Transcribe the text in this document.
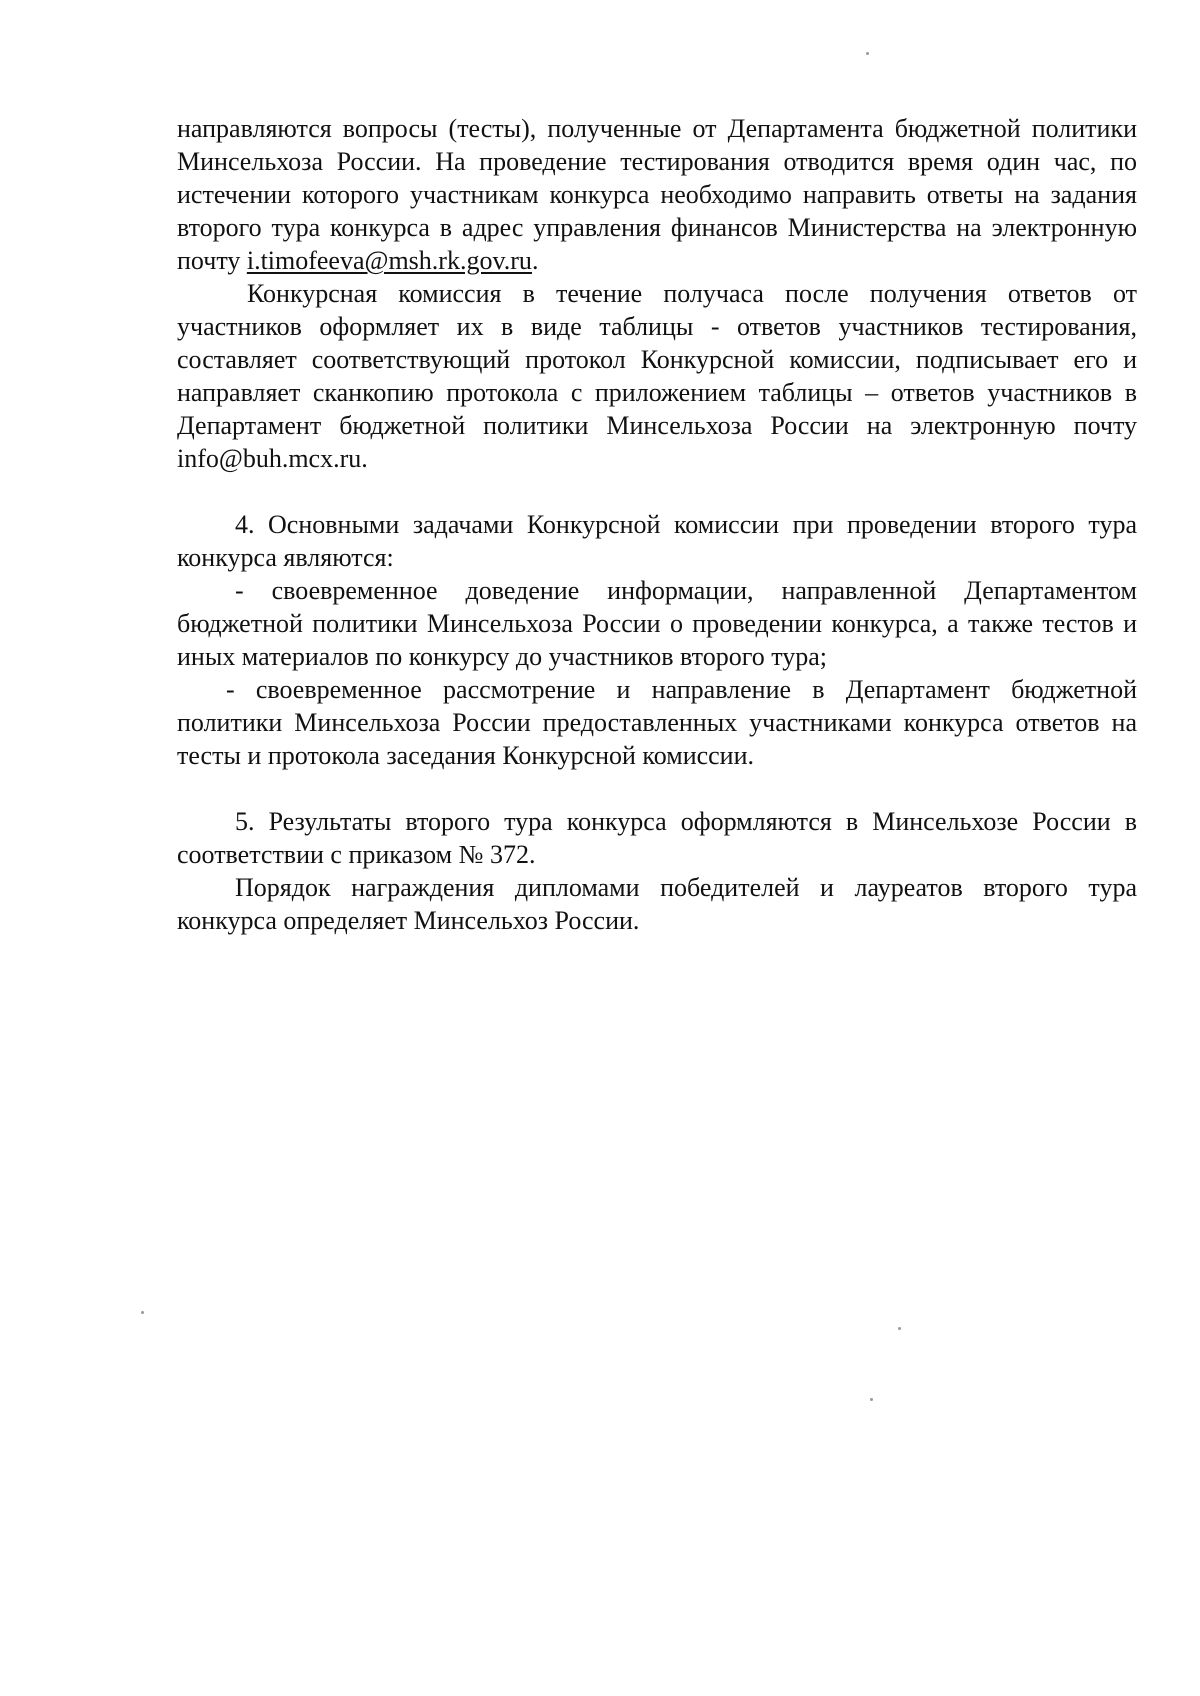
направляются вопросы (тесты), полученные от Департамента бюджетной политики Минсельхоза России. На проведение тестирования отводится время один час, по истечении которого участникам конкурса необходимо направить ответы на задания второго тура конкурса в адрес управления финансов Министерства на электронную почту i.timofeeva@msh.rk.gov.ru.

Конкурсная комиссия в течение получаса после получения ответов от участников оформляет их в виде таблицы - ответов участников тестирования, составляет соответствующий протокол Конкурсной комиссии, подписывает его и направляет сканкопию протокола с приложением таблицы – ответов участников в Департамент бюджетной политики Минсельхоза России на электронную почту info@buh.mcx.ru.

4. Основными задачами Конкурсной комиссии при проведении второго тура конкурса являются:

- своевременное доведение информации, направленной Департаментом бюджетной политики Минсельхоза России о проведении конкурса, а также тестов и иных материалов по конкурсу до участников второго тура;

- своевременное рассмотрение и направление в Департамент бюджетной политики Минсельхоза России предоставленных участниками конкурса ответов на тесты и протокола заседания Конкурсной комиссии.

5. Результаты второго тура конкурса оформляются в Минсельхозе России в соответствии с приказом № 372.

Порядок награждения дипломами победителей и лауреатов второго тура конкурса определяет Минсельхоз России.
